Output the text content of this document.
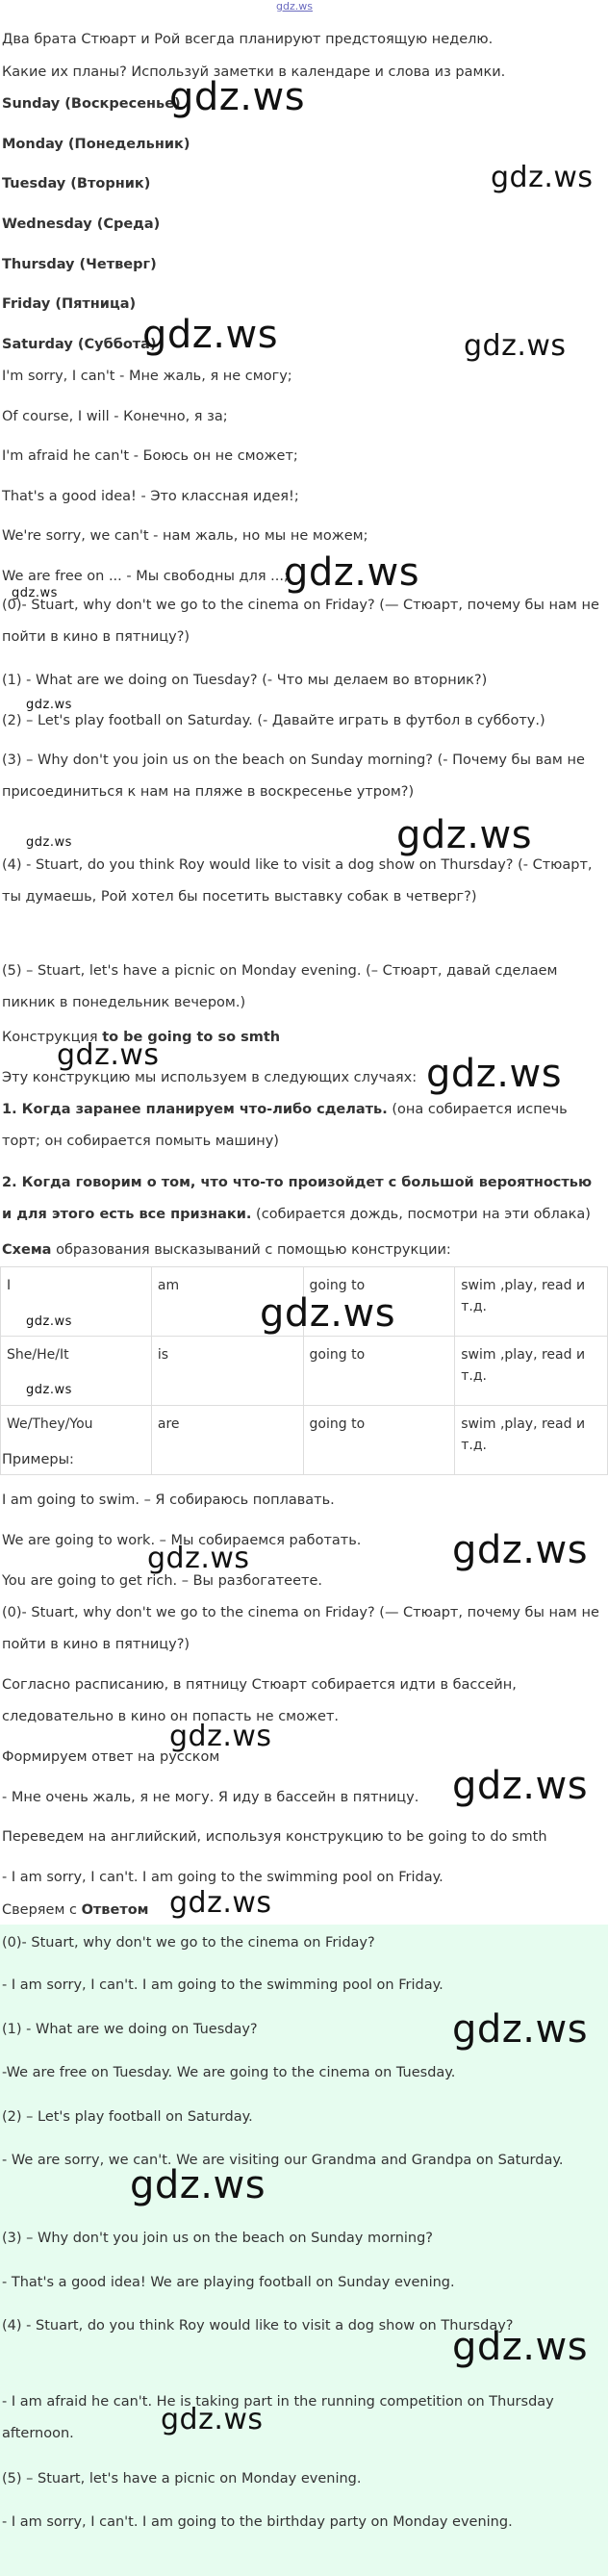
gdz.ws

Два брата Стюарт и Рой всегда планируют предстоящую неделю.

Какие их планы? Используй заметки в календаре и слова из рамки.

Sunday (Воскресенье)

Monday (Понедельник)

Tuesday (Вторник)

Wednesday (Среда)

Thursday (Четверг)

Friday (Пятница)

Saturday (Суббота)

I'm sorry, I can't - Мне жаль, я не смогу;

Of course, I will - Конечно, я за;

I'm afraid he can't - Боюсь он не сможет;

That's a good idea! - Это классная идея!;

We're sorry, we can't - нам жаль, но мы не можем;

We are free on ... - Мы свободны для ...;

(0)- Stuart, why don't we go to the cinema on Friday? (— Стюарт, почему бы нам не пойти в кино в пятницу?)

(1) - What are we doing on Tuesday? (- Что мы делаем во вторник?)

(2) – Let's play football on Saturday. (- Давайте играть в футбол в субботу.)

(3) – Why don't you join us on the beach on Sunday morning? (- Почему бы вам не присоединиться к нам на пляже в воскресенье утром?)

(4) - Stuart, do you think Roy would like to visit a dog show on Thursday? (- Стюарт, ты думаешь, Рой хотел бы посетить выставку собак в четверг?)

(5) – Stuart, let's have a picnic on Monday evening. (– Стюарт, давай сделаем пикник в понедельник вечером.)

Конструкция to be going to so smth

Эту конструкцию мы используем в следующих случаях:

1. Когда заранее планируем что-либо сделать. (она собирается испечь торт; он собирается помыть машину)

2. Когда говорим о том, что что-то произойдет с большой вероятностью и для этого есть все признаки. (собирается дождь, посмотри на эти облака)

Схема образования высказываний с помощью конструкции:

I	am	going to	swim ,play, read и т.д.
She/He/It	is	going to	swim ,play, read и т.д.
We/They/You	are	going to	swim ,play, read и т.д.

Примеры:

I am going to swim. – Я собираюсь поплавать.

We are going to work. – Мы собираемся работать.

You are going to get rich. – Вы разбогатеете.

(0)- Stuart, why don't we go to the cinema on Friday? (— Стюарт, почему бы нам не пойти в кино в пятницу?)

Согласно расписанию, в пятницу Стюарт собирается идти в бассейн, следовательно в кино он попасть не сможет.

Формируем ответ на русском

- Мне очень жаль, я не могу. Я иду в бассейн в пятницу.

Переведем на английский, используя конструкцию to be going to do smth

- I am sorry, I can't. I am going to the swimming pool on Friday.

Сверяем с Ответом

(0)- Stuart, why don't we go to the cinema on Friday?

- I am sorry, I can't. I am going to the swimming pool on Friday.

(1) - What are we doing on Tuesday?

-We are free on Tuesday. We are going to the cinema on Tuesday.

(2) – Let's play football on Saturday.

- We are sorry, we can't. We are visiting our Grandma and Grandpa on Saturday.

(3) – Why don't you join us on the beach on Sunday morning?

- That's a good idea! We are playing football on Sunday evening.

(4) - Stuart, do you think Roy would like to visit a dog show on Thursday?

- I am afraid he can't. He is taking part in the running competition on Thursday afternoon.

(5) – Stuart, let's have a picnic on Monday evening.

- I am sorry, I can't. I am going to the birthday party on Monday evening.

gdz.ws
gdz.ws
gdz.ws	gdz.ws
gdz.ws
gdz.ws
gdz.ws
gdz.ws	gdz.ws
gdz.ws	gdz.ws
gdz.ws
gdz.ws
gdz.ws
gdz.ws	gdz.ws
gdz.ws
gdz.ws
gdz.ws
gdz.ws
gdz.ws
gdz.ws
gdz.ws
